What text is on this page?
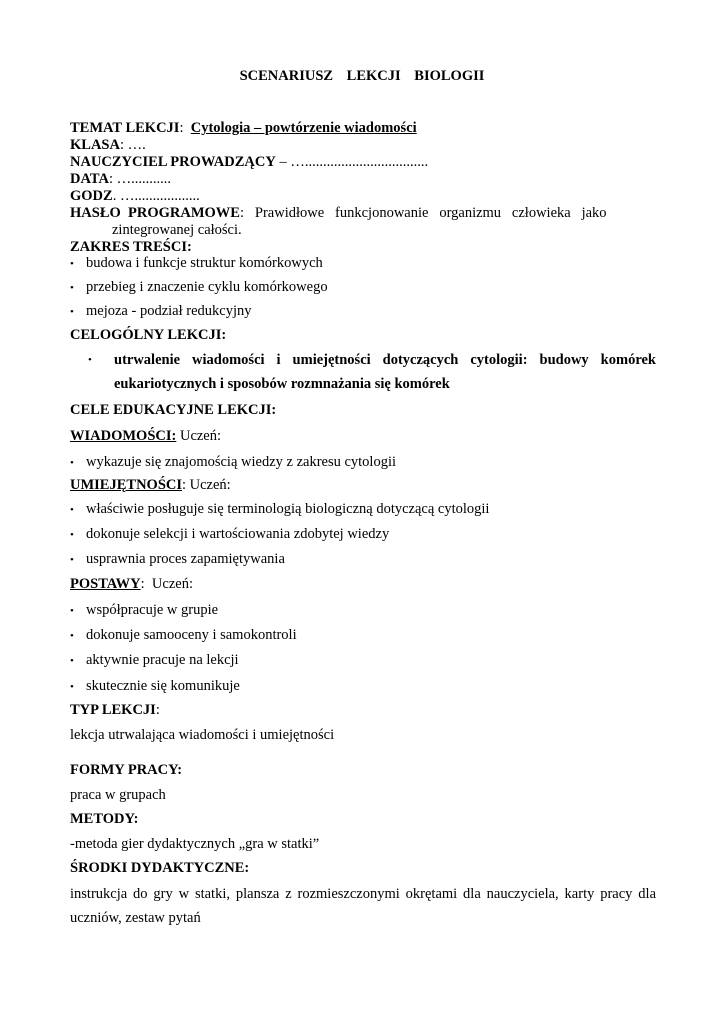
SCENARIUSZ LEKCJI BIOLOGII
TEMAT LEKCJI: Cytologia – powtórzenie wiadomości
KLASA: ….
NAUCZYCIEL PROWADZĄCY – …..................................
DATA: …...........
GODZ. …..................
HASŁO  PROGRAMOWE:   Prawidłowe   funkcjonowanie   organizmu   człowieka   jako
zintegrowanej całości.
ZAKRES TREŚCI:
• budowa i funkcje struktur komórkowych
• przebieg i znaczenie cyklu komórkowego
• mejoza - podział redukcyjny
CELOGÓLNY LEKCJI:
• utrwalenie wiadomości i umiejętności dotyczących cytologii: budowy komórek
eukariotycznych i sposobów rozmnażania się komórek
CELE EDUKACYJNE LEKCJI:
WIADOMOŚCI: Uczeń:
• wykazuje się znajomością wiedzy z zakresu cytologii
UMIEJĘTNOŚCI: Uczeń:
• właściwie posługuje się terminologią biologiczną dotyczącą cytologii
• dokonuje selekcji i wartościowania zdobytej wiedzy
• usprawnia proces zapamiętywania
POSTAWY:  Uczeń:
• współpracuje w grupie
• dokonuje samooceny i samokontroli
• aktywnie pracuje na lekcji
• skutecznie się komunikuje
TYP LEKCJI:
lekcja utrwalająca wiadomości i umiejętności
FORMY PRACY:
praca w grupach
METODY:
-metoda gier dydaktycznych „gra w statki”
ŚRODKI DYDAKTYCZNE:
instrukcja do gry w statki, plansza z rozmieszczonymi okrętami dla nauczyciela, karty pracy dla
uczniów, zestaw pytań
